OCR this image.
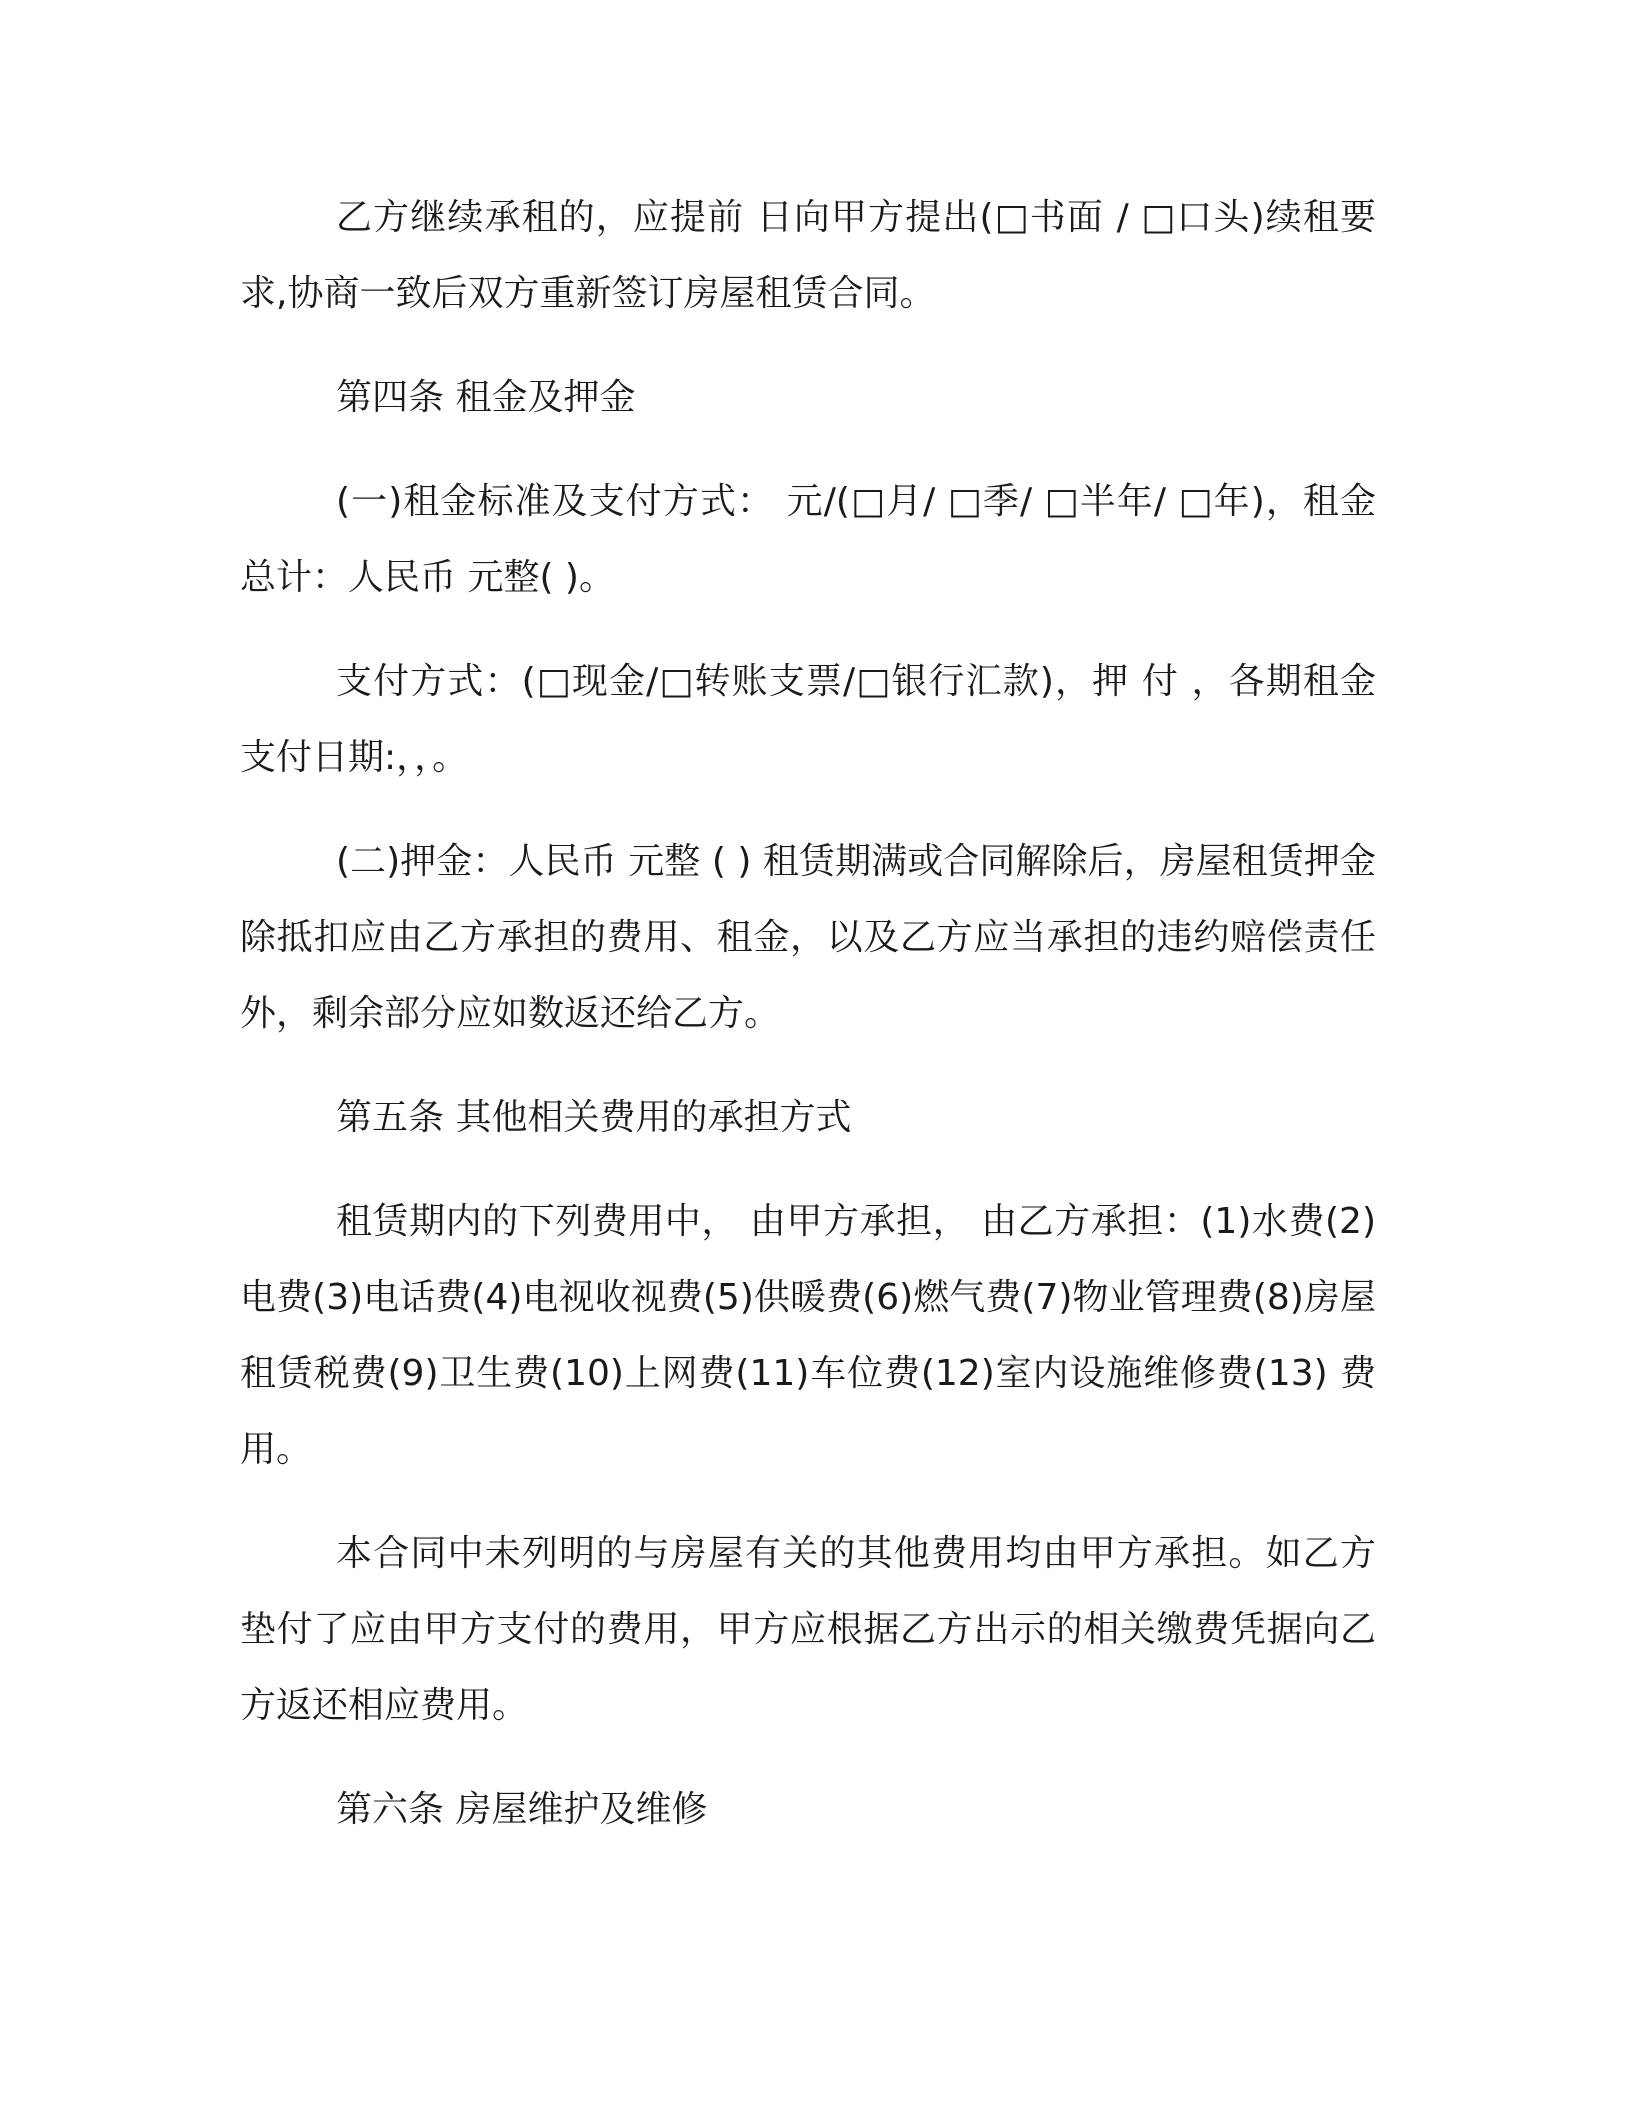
乙方继续承租的，应提前 日向甲方提出(□书面 / □口头)续租要求,协商一致后双方重新签订房屋租赁合同。

第四条 租金及押金

(一)租金标准及支付方式： 元/(□月/ □季/ □半年/ □年)，租金总计：人民币 元整( )。

支付方式：(□现金/□转账支票/□银行汇款)，押 付 ，各期租金支付日期:，，。

(二)押金：人民币 元整 ( ) 租赁期满或合同解除后，房屋租赁押金除抵扣应由乙方承担的费用、租金，以及乙方应当承担的违约赔偿责任外，剩余部分应如数返还给乙方。

第五条 其他相关费用的承担方式

租赁期内的下列费用中， 由甲方承担， 由乙方承担：(1)水费(2)电费(3)电话费(4)电视收视费(5)供暖费(6)燃气费(7)物业管理费(8)房屋租赁税费(9)卫生费(10)上网费(11)车位费(12)室内设施维修费(13) 费用。

本合同中未列明的与房屋有关的其他费用均由甲方承担。如乙方垫付了应由甲方支付的费用，甲方应根据乙方出示的相关缴费凭据向乙方返还相应费用。

第六条 房屋维护及维修
